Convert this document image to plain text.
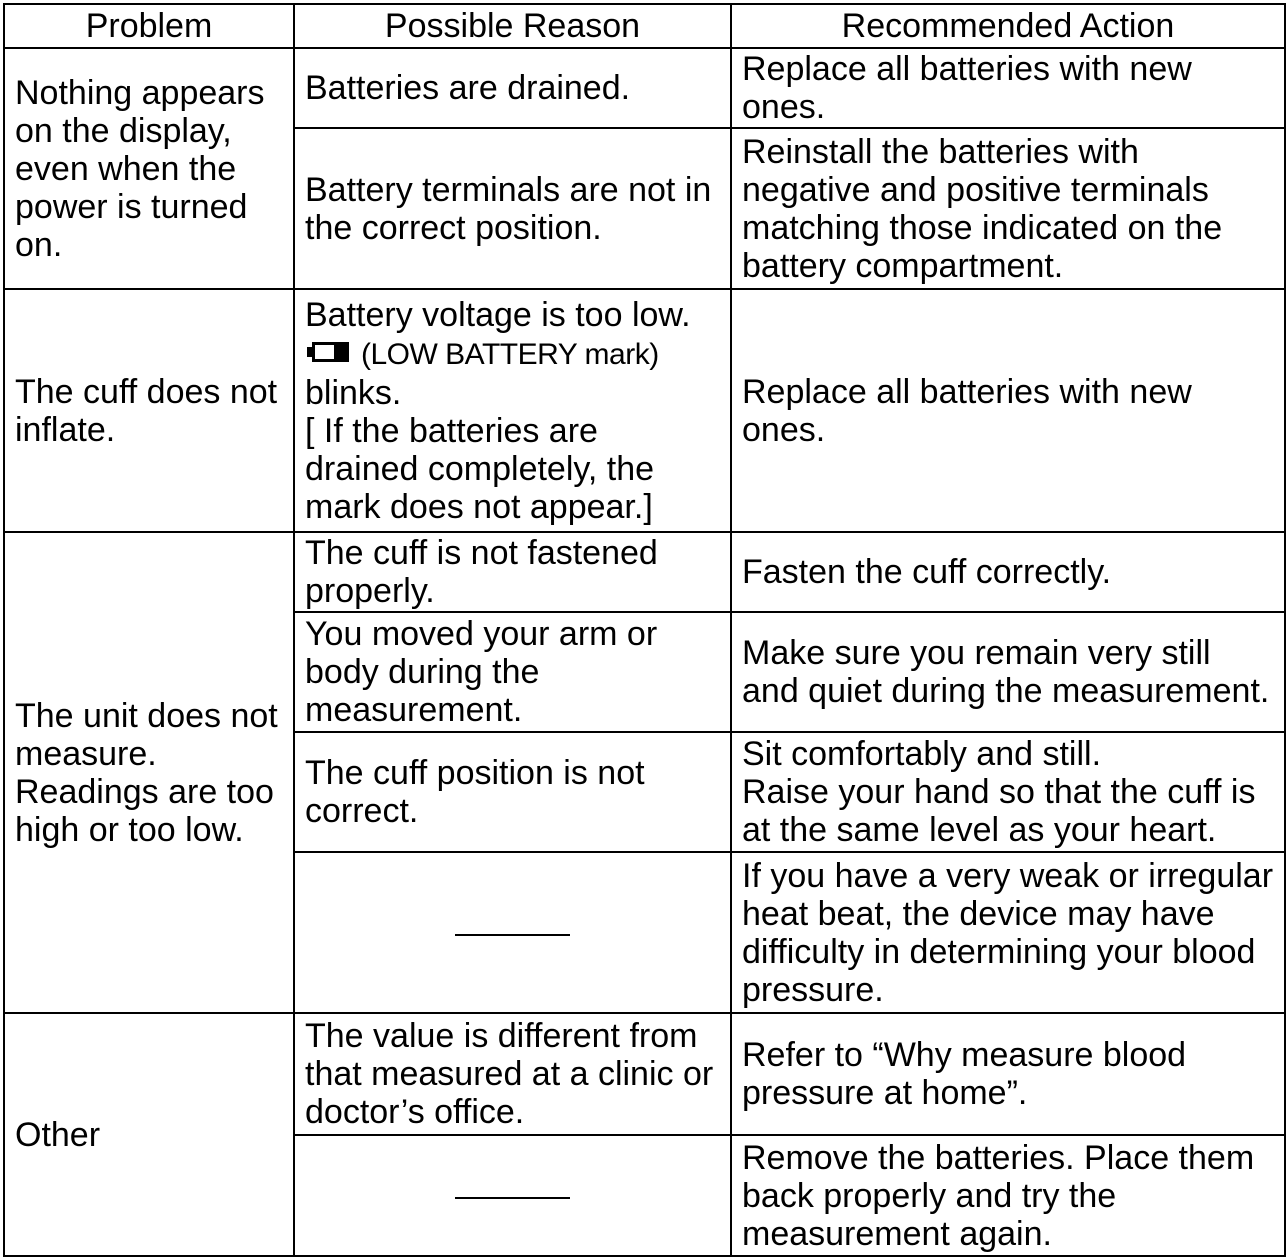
Problem	Possible Reason	Recommended Action

Nothing appears on the display, even when the power is turned on.	Batteries are drained.	Replace all batteries with new ones.

	Battery terminals are not in the correct position.	Reinstall the batteries with negative and positive terminals matching those indicated on the battery compartment.

The cuff does not inflate.	Battery voltage is too low.
(LOW BATTERY mark)
blinks.
[ If the batteries are drained completely, the mark does not appear.]	Replace all batteries with new ones.

The unit does not measure. Readings are too high or too low.	The cuff is not fastened properly.	Fasten the cuff correctly.

	You moved your arm or body during the measurement.	Make sure you remain very still and quiet during the measurement.

	The cuff position is not correct.	Sit comfortably and still.
Raise your hand so that the cuff is at the same level as your heart.

		If you have a very weak or irregular heat beat, the device may have difficulty in determining your blood pressure.

Other	The value is different from that measured at a clinic or doctor’s office.	Refer to “Why measure blood pressure at home”.

		Remove the batteries. Place them back properly and try the measurement again.
